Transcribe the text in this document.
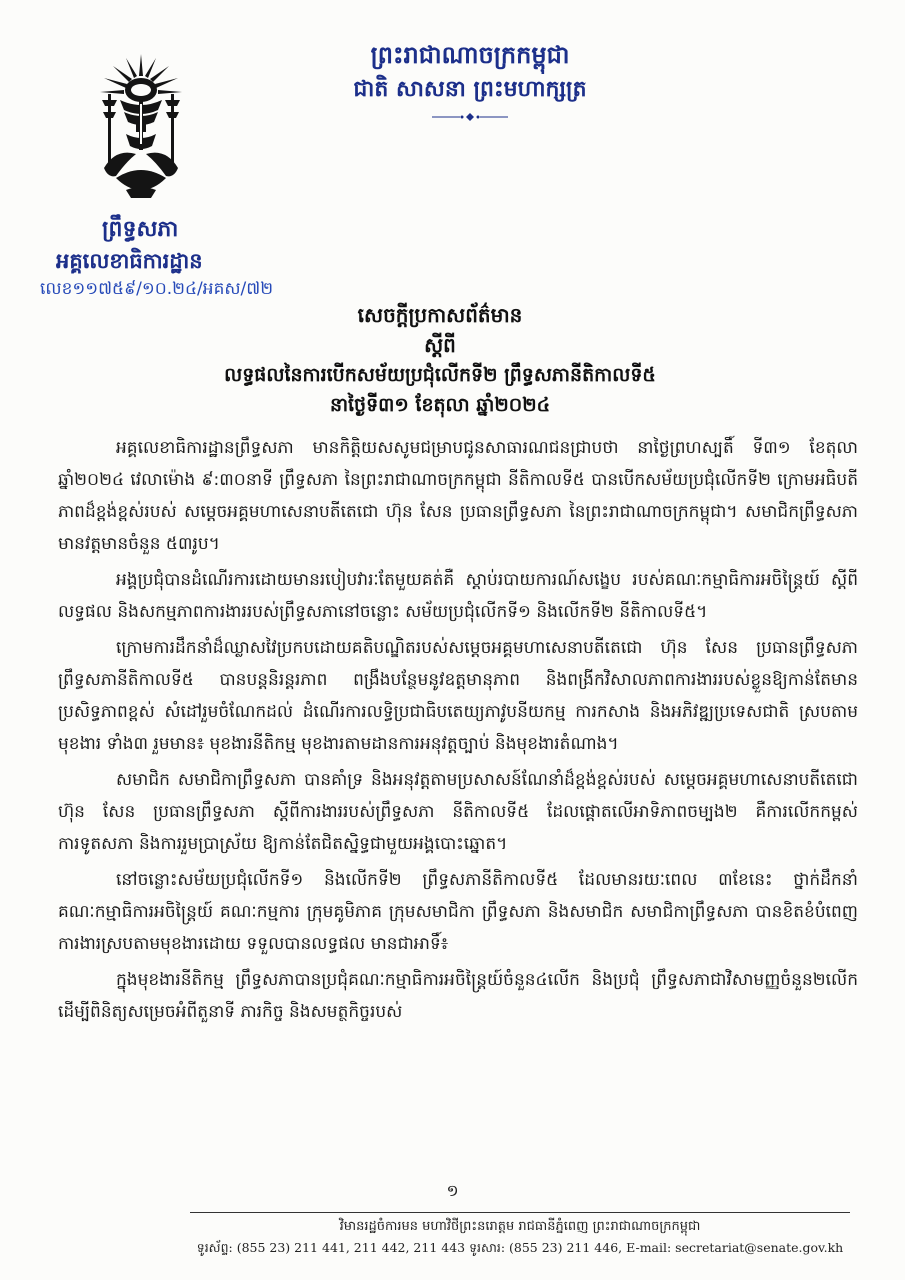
ព្រះរាជាណាចក្រកម្ពុជា
ជាតិ សាសនា ព្រះមហាក្សត្រ
ព្រឹទ្ធសភា
អគ្គលេខាធិការដ្ឋាន
លេខ១១៧៥៩/១០.២៤/អគស/៧២
សេចក្តីប្រកាសព័ត៌មាន
ស្តីពី
លទ្ធផលនៃការបើកសម័យប្រជុំលើកទី២ ព្រឹទ្ធសភានីតិកាលទី៥
នាថ្ងៃទី៣១ ខែតុលា ឆ្នាំ២០២៤

អគ្គលេខាធិការដ្ឋានព្រឹទ្ធសភា មានកិត្តិយសសូមជម្រាបជូនសាធារណជនជ្រាបថា នាថ្ងៃព្រហស្បតិ៍ ទី៣១ ខែតុលា ឆ្នាំ២០២៤ វេលាម៉ោង ៩:៣០នាទី ព្រឹទ្ធសភា នៃព្រះរាជាណាចក្រកម្ពុជា នីតិកាលទី៥ បានបើកសម័យប្រជុំលើកទី២ ក្រោមអធិបតីភាពដ៏ខ្ពង់ខ្ពស់របស់ សម្តេចអគ្គមហាសេនាបតីតេជោ ហ៊ុន សែន ប្រធានព្រឹទ្ធសភា នៃព្រះរាជាណាចក្រកម្ពុជា។ សមាជិកព្រឹទ្ធសភាមានវត្តមានចំនួន ៥៣រូប។

អង្គប្រជុំបានដំណើរការដោយមានរបៀបវារៈតែមួយគត់គឺ ស្តាប់របាយការណ៍សង្ខេប របស់គណៈកម្មាធិការអចិន្ត្រៃយ៍ ស្តីពីលទ្ធផល និងសកម្មភាពការងាររបស់ព្រឹទ្ធសភានៅចន្លោះ សម័យប្រជុំលើកទី១ និងលើកទី២ នីតិកាលទី៥។

ក្រោមការដឹកនាំដ៏ឈ្លាសវៃប្រកបដោយគតិបណ្ឌិតរបស់សម្តេចអគ្គមហាសេនាបតីតេជោ ហ៊ុន សែន ប្រធានព្រឹទ្ធសភា ព្រឹទ្ធសភានីតិកាលទី៥ បានបន្តនិរន្តរភាព ពង្រឹងបន្ថែមនូវឧត្តមានុភាព និងពង្រីកវិសាលភាពការងាររបស់ខ្លួនឱ្យកាន់តែមានប្រសិទ្ធភាពខ្ពស់ សំដៅរួមចំណែកដល់ ដំណើរការលទ្ធិប្រជាធិបតេយ្យភាវូបនីយកម្ម ការកសាង និងអភិវឌ្ឍប្រទេសជាតិ ស្របតាមមុខងារ ទាំង៣ រួមមាន៖ មុខងារនីតិកម្ម មុខងារតាមដានការអនុវត្តច្បាប់ និងមុខងារតំណាង។

សមាជិក សមាជិកាព្រឹទ្ធសភា បានគាំទ្រ និងអនុវត្តតាមប្រសាសន៍ណែនាំដ៏ខ្ពង់ខ្ពស់របស់ សម្តេចអគ្គមហាសេនាបតីតេជោ ហ៊ុន សែន ប្រធានព្រឹទ្ធសភា ស្តីពីការងាររបស់ព្រឹទ្ធសភា នីតិកាលទី៥ ដែលផ្តោតលើអាទិភាពចម្បង២ គឺការលើកកម្ពស់ការទូតសភា និងការរួមប្រាស្រ័យ ឱ្យកាន់តែជិតស្និទ្ធជាមួយអង្គបោះឆ្នោត។

នៅចន្លោះសម័យប្រជុំលើកទី១ និងលើកទី២ ព្រឹទ្ធសភានីតិកាលទី៥ ដែលមានរយៈពេល ៣ខែនេះ ថ្នាក់ដឹកនាំ គណៈកម្មាធិការអចិន្ត្រៃយ៍ គណៈកម្មការ ក្រុមគូមិភាគ ក្រុមសមាជិកា ព្រឹទ្ធសភា និងសមាជិក សមាជិកាព្រឹទ្ធសភា បានខិតខំបំពេញការងារស្របតាមមុខងារដោយ ទទួលបានលទ្ធផល មានជាអាទិ៍៖

ក្នុងមុខងារនីតិកម្ម ព្រឹទ្ធសភាបានប្រជុំគណៈកម្មាធិការអចិន្ត្រៃយ៍ចំនួន៤លើក និងប្រជុំ ព្រឹទ្ធសភាជាវិសាមញ្ញចំនួន២លើក ដើម្បីពិនិត្យសម្រេចអំពីតួនាទី ភារកិច្ច និងសមត្ថកិច្ចរបស់

១
វិមានរដ្ឋចំការមន មហាវិថីព្រះនរោត្តម រាជធានីភ្នំពេញ ព្រះរាជាណាចក្រកម្ពុជា
ទូរស័ព្ទ: (855 23) 211 441, 211 442, 211 443 ទូរសារ: (855 23) 211 446, E-mail: secretariat@senate.gov.kh
